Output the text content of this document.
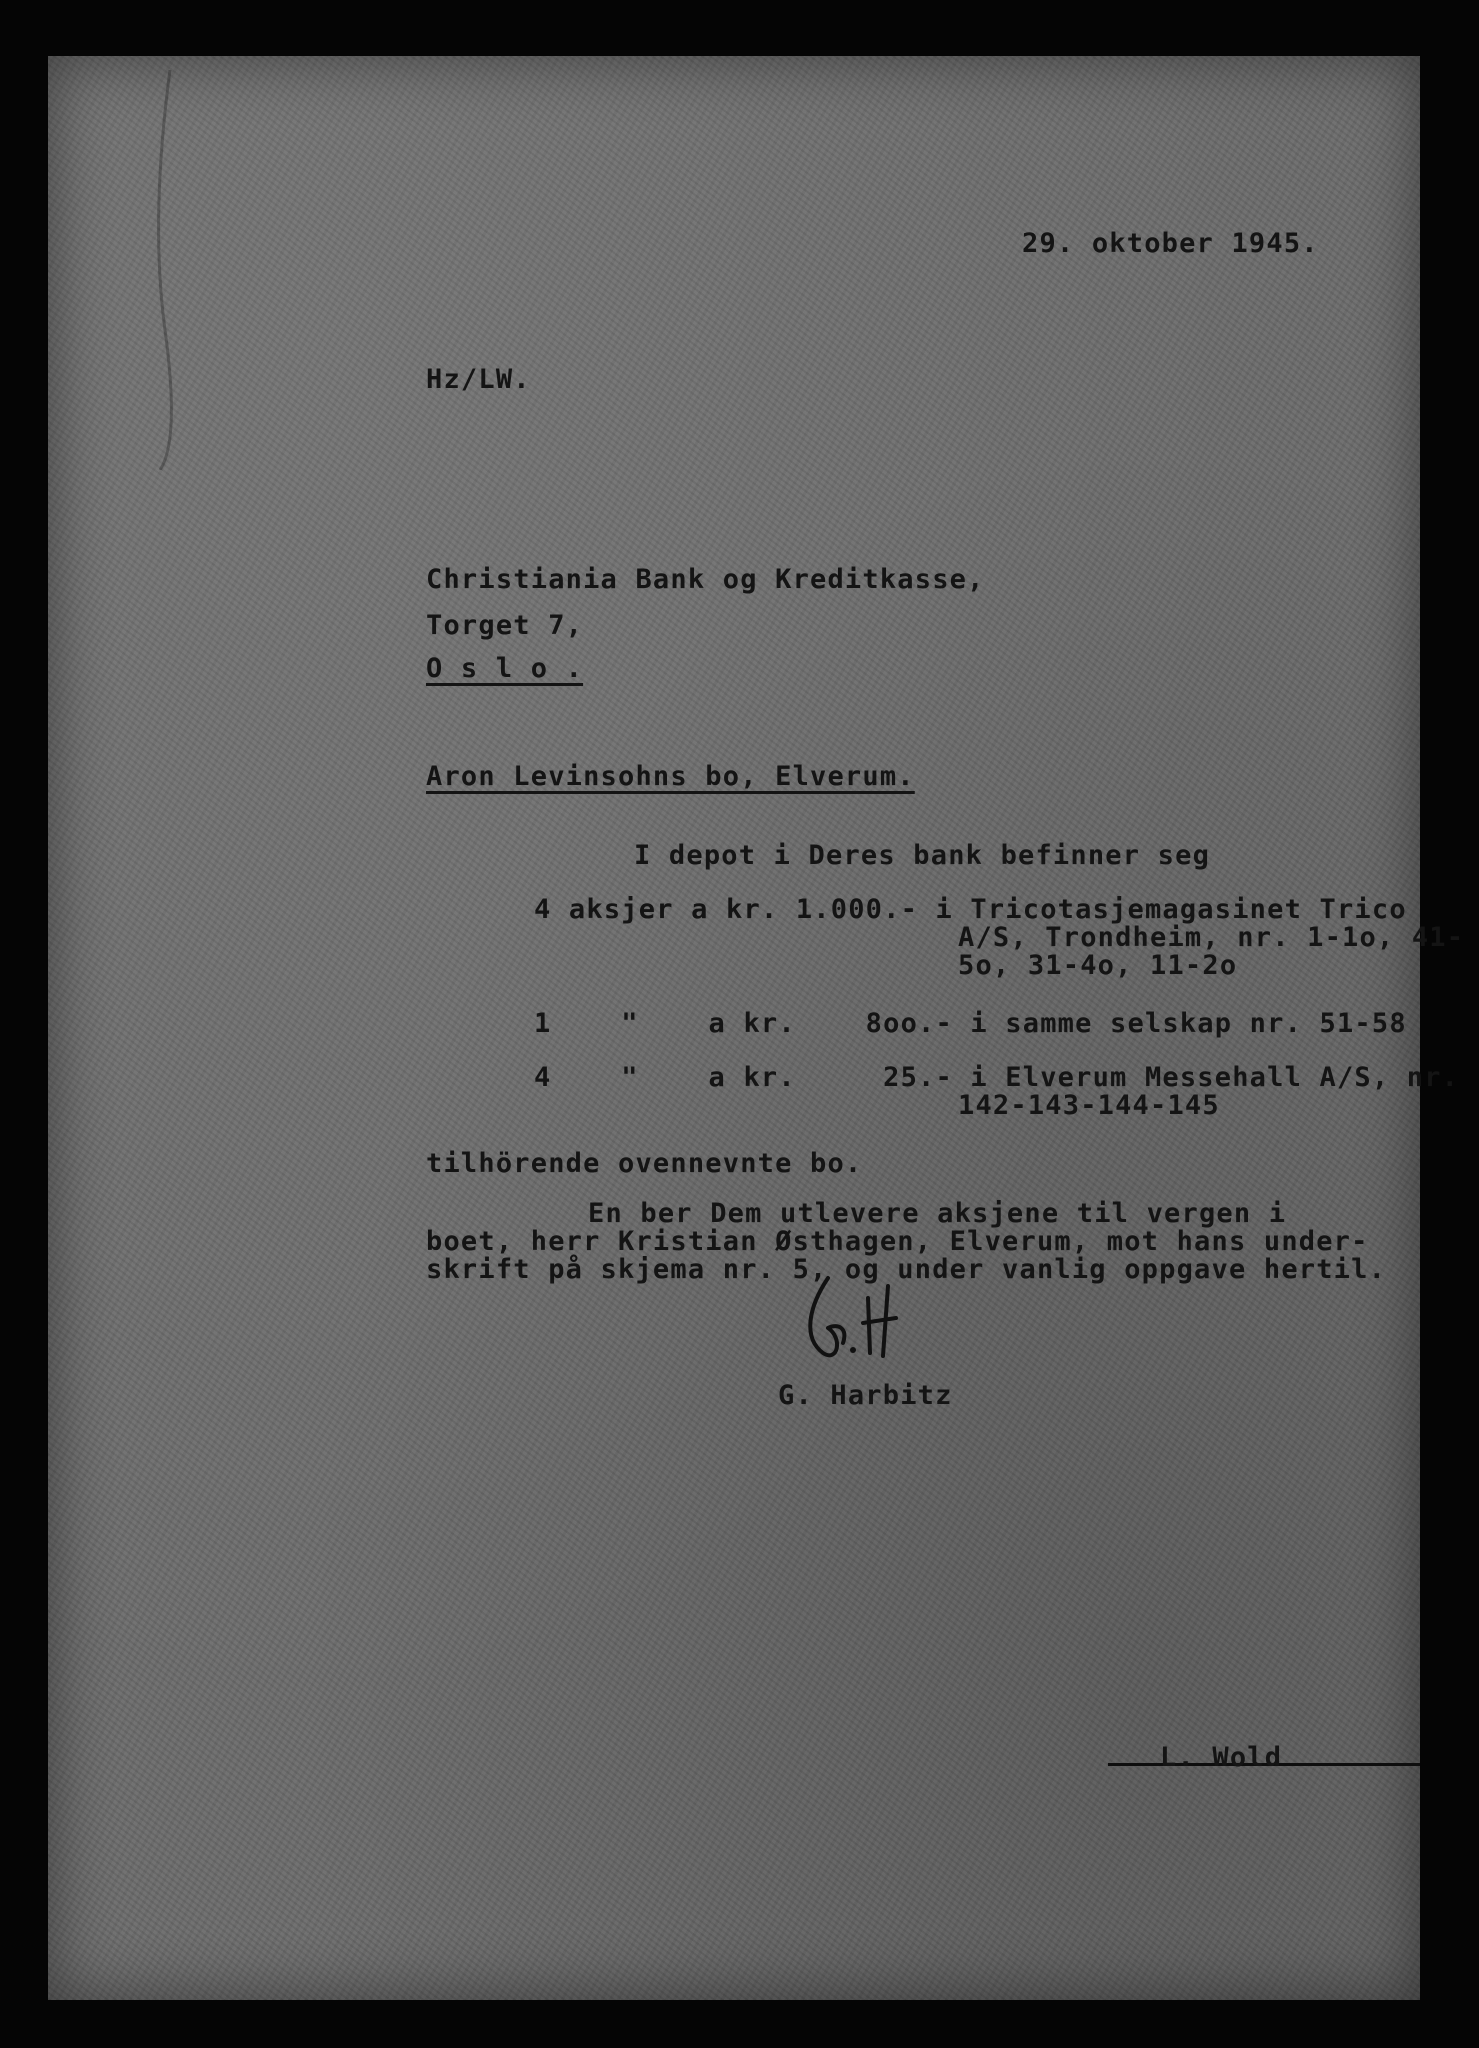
29. oktober 1945.
Hz/LW.
Christiania Bank og Kreditkasse,
Torget 7,
O s l o .
Aron Levinsohns bo, Elverum.
I depot i Deres bank befinner seg
4 aksjer a kr. 1.000.- i Tricotasjemagasinet Trico
A/S, Trondheim, nr. 1-1o, 41-
5o, 31-4o, 11-2o
1    "    a kr.    8oo.- i samme selskap nr. 51-58
4    "    a kr.     25.- i Elverum Messehall A/S, nr.
142-143-144-145
tilhörende ovennevnte bo.
En ber Dem utlevere aksjene til vergen i
boet, herr Kristian Østhagen, Elverum, mot hans under-
skrift på skjema nr. 5, og under vanlig oppgave hertil.
G. Harbitz
L. Wold
